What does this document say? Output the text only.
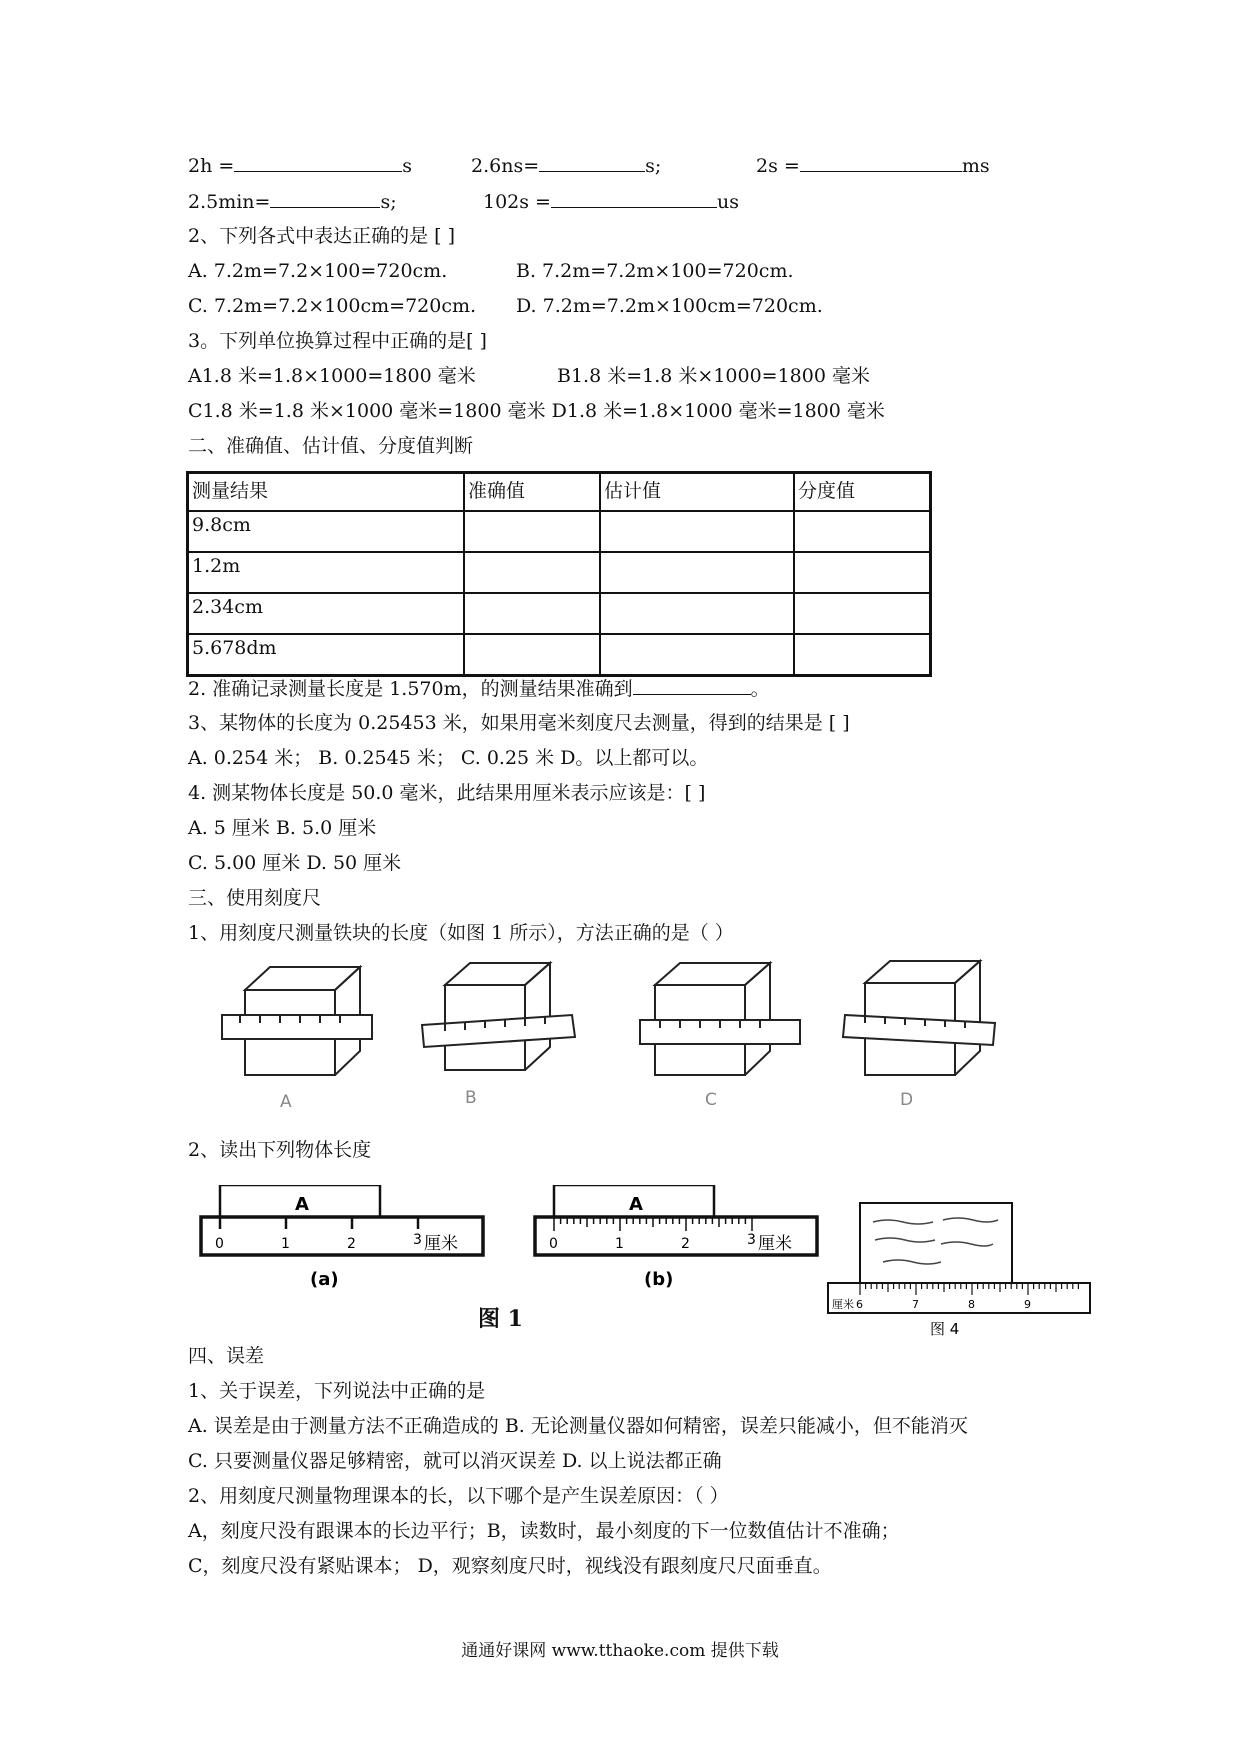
2h =	s	2.6ns=	s;	2s =	ms
2.5min=	s;	102s =	us
2、下列各式中表达正确的是 [ ]
A. 7.2m=7.2×100=720cm.	B. 7.2m=7.2m×100=720cm.
C. 7.2m=7.2×100cm=720cm. D. 7.2m=7.2m×100cm=720cm.
3。下列单位换算过程中正确的是[ ]
A1.8 米=1.8×1000=1800 毫米	B1.8 米=1.8 米×1000=1800 毫米
C1.8 米=1.8 米×1000 毫米=1800 毫米 D1.8 米=1.8×1000 毫米=1800 毫米
二、准确值、估计值、分度值判断
测量结果	准确值	估计值	分度值
9.8cm			
1.2m			
2.34cm			
5.678dm			
2. 准确记录测量长度是 1.570m，的测量结果准确到	。
3、某物体的长度为 0.25453 米，如果用毫米刻度尺去测量，得到的结果是 [ ]
A. 0.254 米； B. 0.2545 米； C. 0.25 米 D。以上都可以。
4. 测某物体长度是 50.0 毫米，此结果用厘米表示应该是：[ ]
A. 5 厘米 B. 5.0 厘米
C. 5.00 厘米 D. 50 厘米
三、使用刻度尺
1、用刻度尺测量铁块的长度（如图 1 所示），方法正确的是（ ）
A	B	C	D
2、读出下列物体长度
A
0	1	2	3 厘米
(a)
A
0	1	2	3 厘米
(b)
图 1
厘米 6	7	8	9
图 4
四、误差
1、关于误差，下列说法中正确的是
A. 误差是由于测量方法不正确造成的 B. 无论测量仪器如何精密，误差只能减小，但不能消灭
C. 只要测量仪器足够精密，就可以消灭误差 D. 以上说法都正确
2、用刻度尺测量物理课本的长，以下哪个是产生误差原因：（ ）
A，刻度尺没有跟课本的长边平行；B，读数时，最小刻度的下一位数值估计不准确；
C，刻度尺没有紧贴课本； D，观察刻度尺时，视线没有跟刻度尺尺面垂直。
通通好课网 www.tthaoke.com 提供下载
